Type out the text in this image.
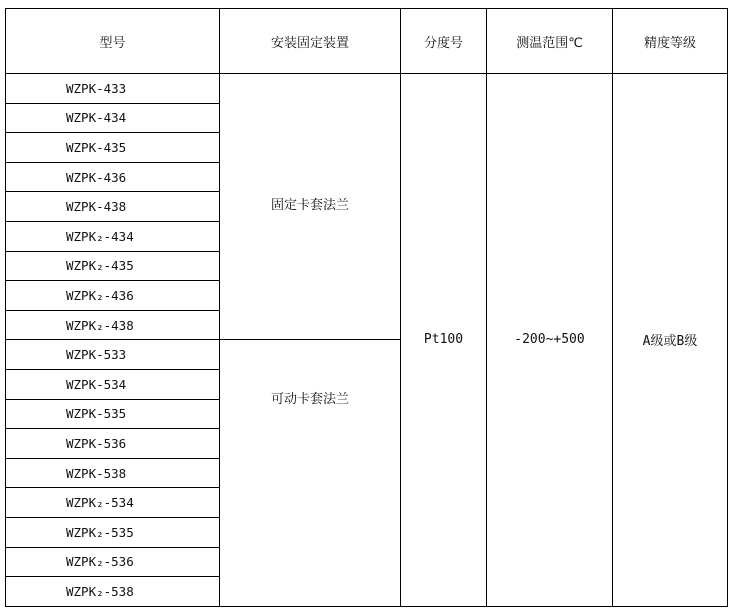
型号	安装固定装置	分度号	测温范围℃	精度等级
WZPK-433	固定卡套法兰	Pt100	-200~+500	A级或B级
WZPK-434				
WZPK-435				
WZPK-436				
WZPK-438				
WZPK₂-434				
WZPK₂-435				
WZPK₂-436				
WZPK₂-438				
WZPK-533	可动卡套法兰			
WZPK-534				
WZPK-535				
WZPK-536				
WZPK-538				
WZPK₂-534				
WZPK₂-535				
WZPK₂-536				
WZPK₂-538				
